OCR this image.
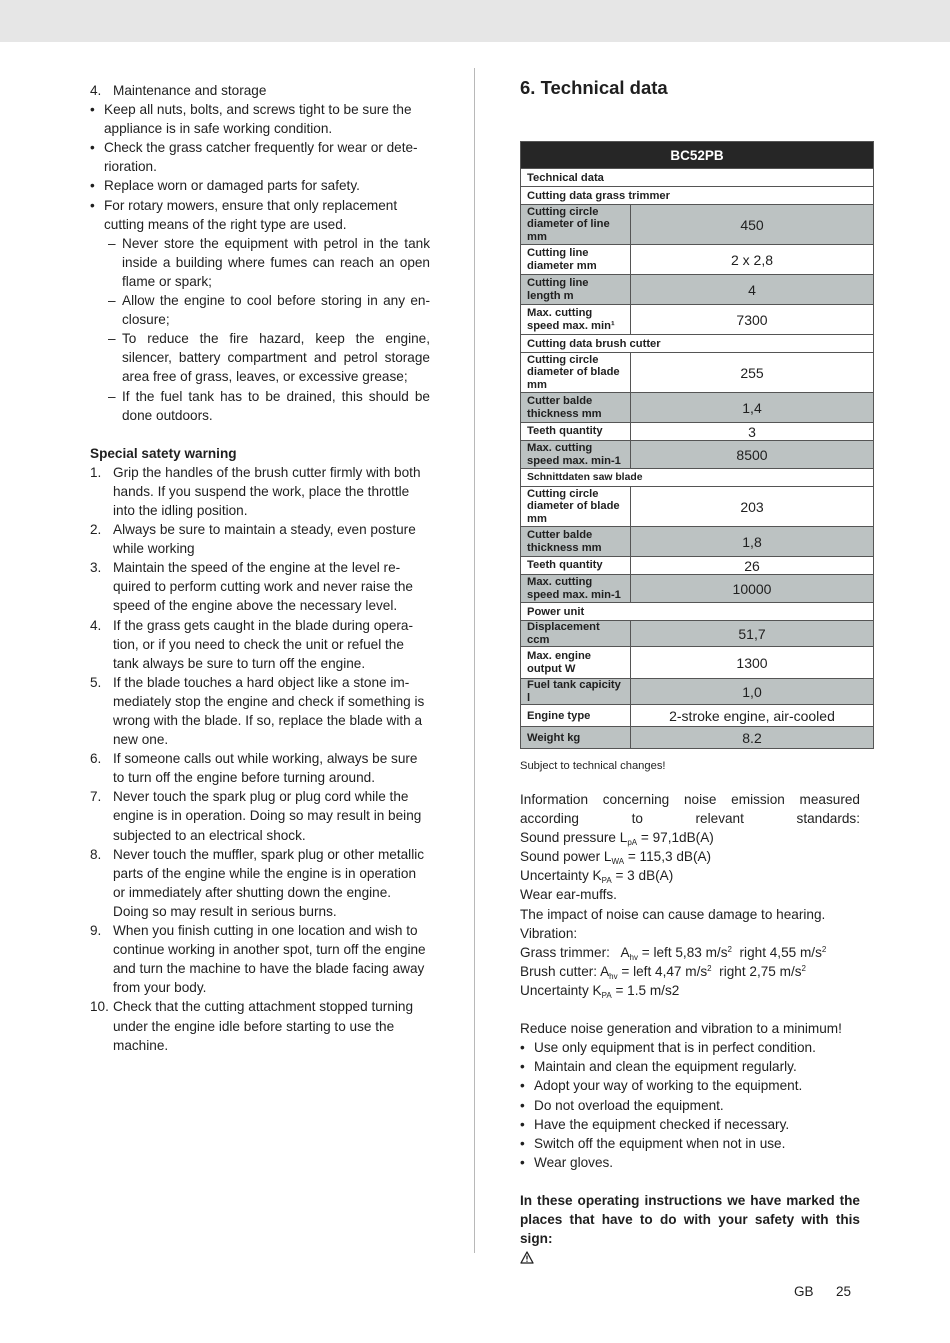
4. Maintenance and storage
• Keep all nuts, bolts, and screws tight to be sure the appliance is in safe working condition.
• Check the grass catcher frequently for wear or deterioration.
• Replace worn or damaged parts for safety.
• For rotary mowers, ensure that only replacement cutting means of the right type are used.
– Never store the equipment with petrol in the tank inside a building where fumes can reach an open flame or spark;
– Allow the engine to cool before storing in any enclosure;
– To reduce the fire hazard, keep the engine, silencer, battery compartment and petrol storage area free of grass, leaves, or excessive grease;
– If the fuel tank has to be drained, this should be done outdoors.
Special satety warning
1. Grip the handles of the brush cutter firmly with both hands. If you suspend the work, place the throttle into the idling position.
2. Always be sure to maintain a steady, even posture while working
3. Maintain the speed of the engine at the level required to perform cutting work and never raise the speed of the engine above the necessary level.
4. If the grass gets caught in the blade during operation, or if you need to check the unit or refuel the tank always be sure to turn off the engine.
5. If the blade touches a hard object like a stone immediately stop the engine and check if something is wrong with the blade. If so, replace the blade with a new one.
6. If someone calls out while working, always be sure to turn off the engine before turning around.
7. Never touch the spark plug or plug cord while the engine is in operation. Doing so may result in being subjected to an electrical shock.
8. Never touch the muffler, spark plug or other metallic parts of the engine while the engine is in operation or immediately after shutting down the engine. Doing so may result in serious burns.
9. When you finish cutting in one location and wish to continue working in another spot, turn off the engine and turn the machine to have the blade facing away from your body.
10. Check that the cutting attachment stopped turning under the engine idle before starting to use the machine.
6. Technical data
BC52PB	
Technical data	
Cutting data grass trimmer	
Cutting circle diameter of line mm	450
Cutting line diameter mm	2 x 2,8
Cutting line length m	4
Max. cutting speed max. min¹	7300
Cutting data brush cutter	
Cutting circle diameter of blade mm	255
Cutter balde thickness mm	1,4
Teeth quantity	3
Max. cutting speed max. min-1	8500
Schnittdaten saw blade	
Cutting circle diameter of blade mm	203
Cutter balde thickness mm	1,8
Teeth quantity	26
Max. cutting speed max. min-1	10000
Power unit	
Displacement ccm	51,7
Max. engine output W	1300
Fuel tank capicity l	1,0
Engine type	2-stroke engine, air-cooled
Weight kg	8.2
Subject to technical changes!
Information concerning noise emission measured according to relevant standards:
Sound pressure $L_{pA} = 97,1dB(A)$
Sound power $L_{WA} = 115,3$ dB(A)
Uncertainty $K_{PA} = 3$ dB(A)
Wear ear-muffs.
The impact of noise can cause damage to hearing.
Vibration:
Grass trimmer:   $A_{hv}$ = left 5,83 $m/s^2$  right 4,55 $m/s^2$
Brush cutter: $A_{hv}$ = left 4,47 $m/s^2$  right 2,75 $m/s^2$
Uncertainty $K_{PA} = 1.5$ m/s2
Reduce noise generation and vibration to a minimum!
• Use only equipment that is in perfect condition.
• Maintain and clean the equipment regularly.
• Adopt your way of working to the equipment.
• Do not overload the equipment.
• Have the equipment checked if necessary.
• Switch off the equipment when not in use.
• Wear gloves.
In these operating instructions we have marked the places that have to do with your safety with this sign:
GB 25
